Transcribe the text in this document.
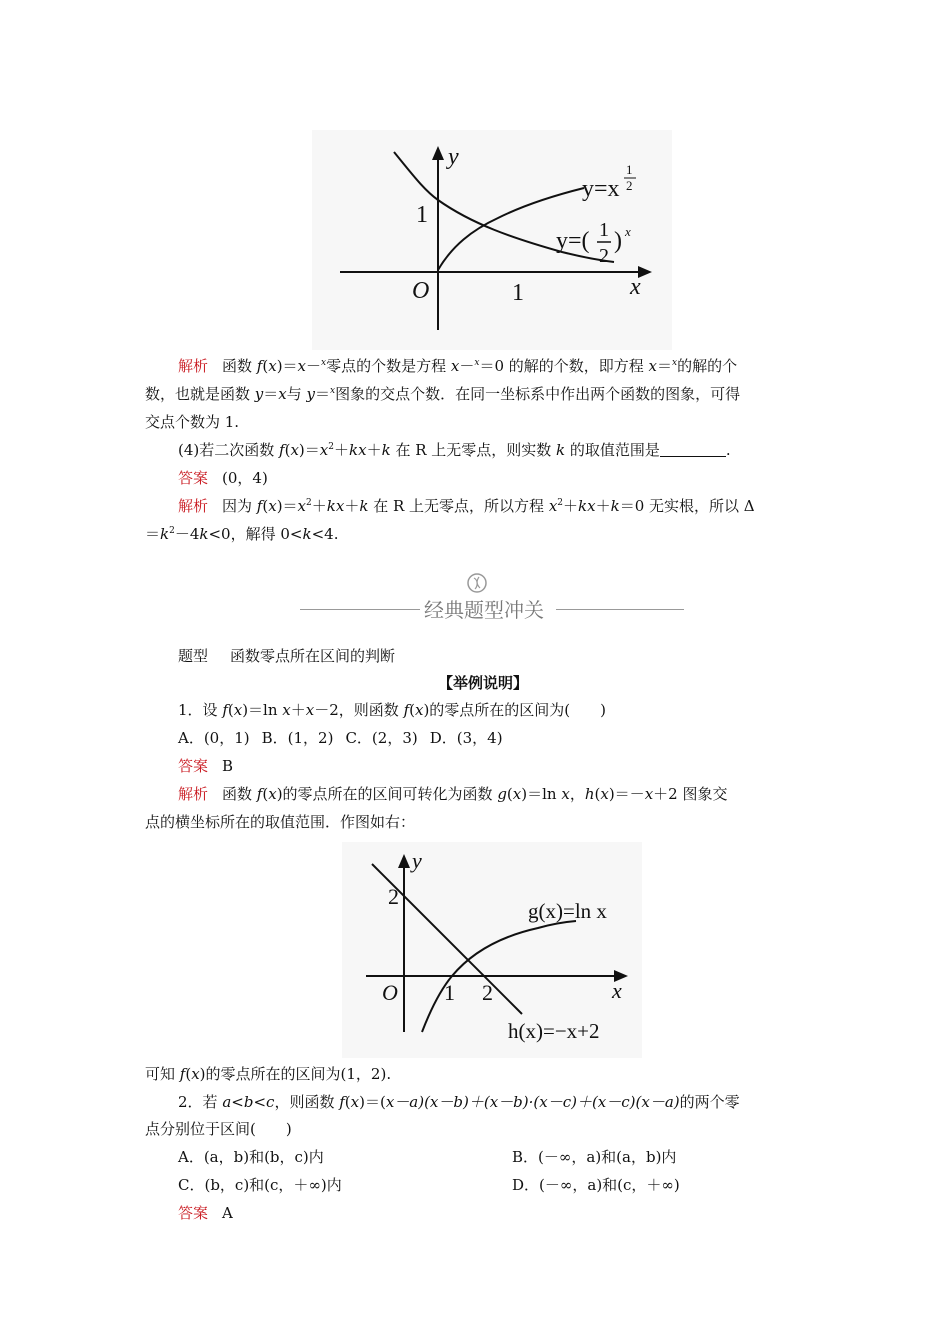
y
x
O
1
1
y=x
1
2
y=( 1
2
) x
解析 函数 f(x)＝x－$^x$零点的个数是方程 x－$^x$＝0 的解的个数，即方程 x＝$^x$的解的个
数，也就是函数 y＝x与 y＝$^x$图象的交点个数．在同一坐标系中作出两个函数的图象，可得
交点个数为 1.
(4)若二次函数 $f(x)=x^2+kx+k$ 在 R 上无零点，则实数 k 的取值范围是	.
答案 (0，4)
解析 因为 $f(x)=x^2+kx+k$ 在 R 上无零点，所以方程 $x^2+kx+k=0$ 无实根，所以 Δ
$=k^2-4k<0$，解得 0<k<4.
经典题型冲关
题型 函数零点所在区间的判断
【举例说明】
1．设 f(x)＝ln x＋x－2，则函数 f(x)的零点所在的区间为(　　)
A．(0，1) B．(1，2) C．(2，3) D．(3，4)
答案 B
解析 函数 f(x)的零点所在的区间可转化为函数 g(x)＝ln x，h(x)＝－x＋2 图象交
点的横坐标所在的取值范围．作图如右：
y
x
O
2
1 2
g(x)=ln x
h(x)=−x+2
可知 f(x)的零点所在的区间为(1，2).
2．若 a<b<c，则函数 f(x)＝(x－a)(x－b)＋(x－b)·(x－c)＋(x－c)(x－a)的两个零
点分别位于区间(　　)
A．(a，b)和(b，c)内	B．(－∞，a)和(a，b)内
C．(b，c)和(c，＋∞)内	D．(－∞，a)和(c，＋∞)
答案 A
